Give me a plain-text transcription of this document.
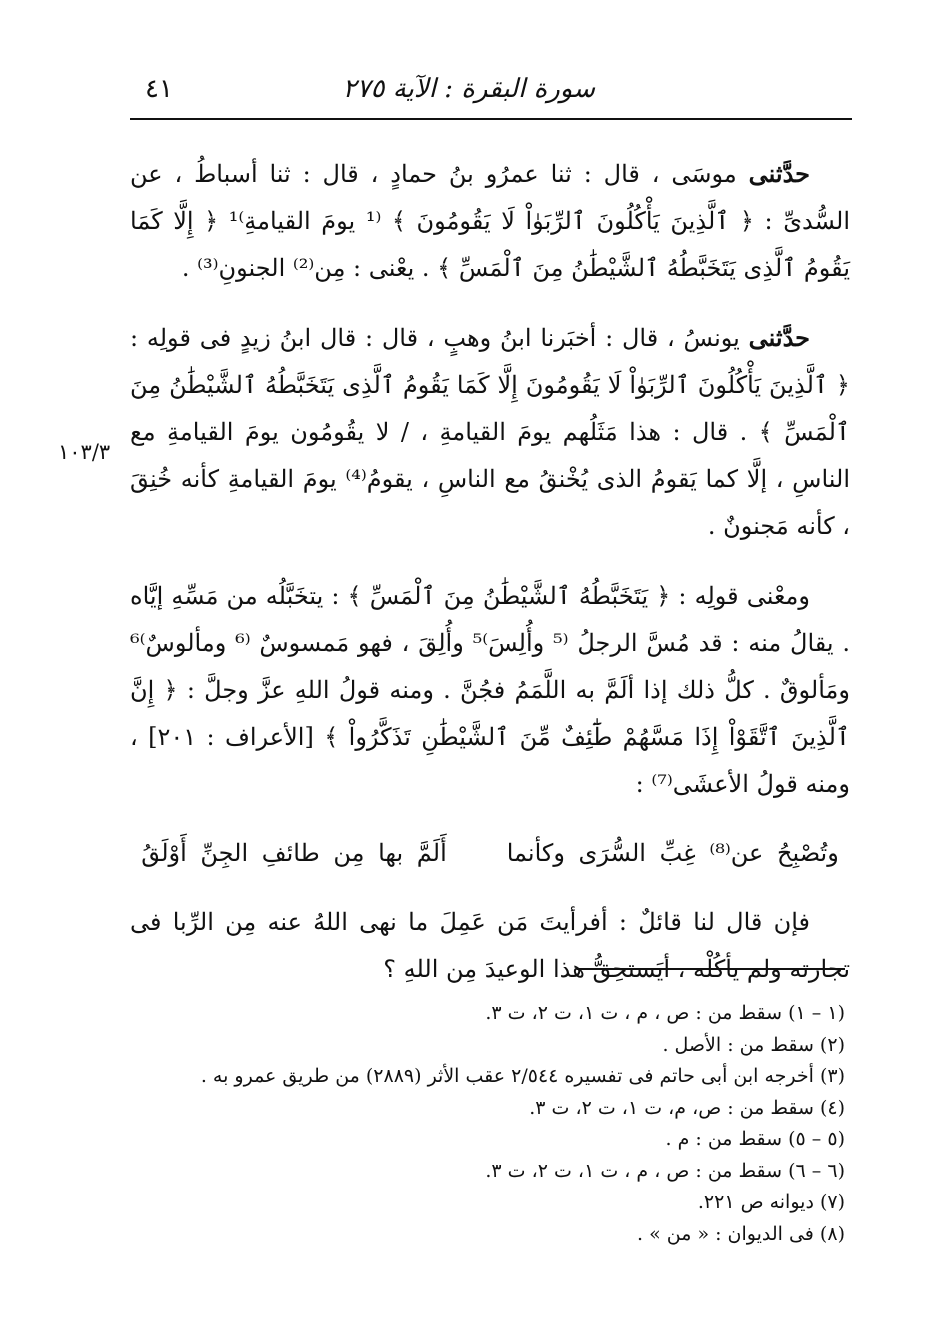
سورة البقرة : الآية ٢٧٥
٤١
١٠٣/٣
حدَّثنى موسَى ، قال : ثنا عمرُو بنُ حمادٍ ، قال : ثنا أسباطُ ، عن السُّدىِّ : ﴿ ٱلَّذِينَ يَأْكُلُونَ ٱلرِّبَوٰاْ لَا يَقُومُونَ ﴾ ⁽¹ يومَ القيامةِ⁾¹ ﴿ إِلَّا كَمَا يَقُومُ ٱلَّذِى يَتَخَبَّطُهُ ٱلشَّيْطَٰنُ مِنَ ٱلْمَسِّ ﴾ . يعْنى : مِن⁽²⁾ الجنونِ⁽³⁾ .
حدَّثنى يونسُ ، قال : أخبَرنا ابنُ وهبٍ ، قال : قال ابنُ زيدٍ فى قولِه : ﴿ ٱلَّذِينَ يَأْكُلُونَ ٱلرِّبَوٰاْ لَا يَقُومُونَ إِلَّا كَمَا يَقُومُ ٱلَّذِى يَتَخَبَّطُهُ ٱلشَّيْطَٰنُ مِنَ ٱلْمَسِّ ﴾ . قال : هذا مَثَلُهم يومَ القيامةِ ، / لا يقُومُون يومَ القيامةِ مع الناسِ ، إلَّا كما يَقومُ الذى يُخْنقُ مع الناسِ ، يقومُ⁽⁴⁾ يومَ القيامةِ كأنه خُنِقَ ، كأنه مَجنونٌ .
ومعْنى قولِه : ﴿ يَتَخَبَّطُهُ ٱلشَّيْطَٰنُ مِنَ ٱلْمَسِّ ﴾ : يتخَبَّلُه من مَسِّهِ إيَّاه . يقالُ منه : قد مُسَّ الرجلُ ⁽⁵ وأُلِسَ⁾⁵ وأُلِقَ ، فهو مَمسوسٌ ⁽⁶ ومألوسٌ⁾⁶ ومَألوقٌ . كلُّ ذلك إذا ألَمَّ به اللَّمَمُ فجُنَّ . ومنه قولُ اللهِ عزَّ وجلَّ : ﴿ إِنَّ ٱلَّذِينَ ٱتَّقَوْاْ إِذَا مَسَّهُمْ طَٰٓئِفٌ مِّنَ ٱلشَّيْطَٰنِ تَذَكَّرُواْ ﴾ [الأعراف : ٢٠١] ، ومنه قولُ الأعشَى⁽⁷⁾ :
وتُصْبِحُ عن⁽⁸⁾ غِبِّ السُّرَى وكأنماأَلَمَّ بها مِن طائفِ الجِنِّ أَوْلَقُ
فإن قال لنا قائلٌ : أفرأيتَ مَن عَمِلَ ما نهى اللهُ عنه مِن الرِّبا فى تجارته ولم يأكُلْه ، أيَستحِقُّ هذا الوعيدَ مِن اللهِ ؟
(١ – ١) سقط من : ص ، م ، ت ١، ت ٢، ت ٣.
(٢) سقط من : الأصل .
(٣) أخرجه ابن أبى حاتم فى تفسيره ٢/٥٤٤ عقب الأثر (٢٨٨٩) من طريق عمرو به .
(٤) سقط من : ص، م، ت ١، ت ٢، ت ٣.
(٥ – ٥) سقط من : م .
(٦ – ٦) سقط من : ص ، م ، ت ١، ت ٢، ت ٣.
(٧) ديوانه ص ٢٢١.
(٨) فى الديوان : « من » .
